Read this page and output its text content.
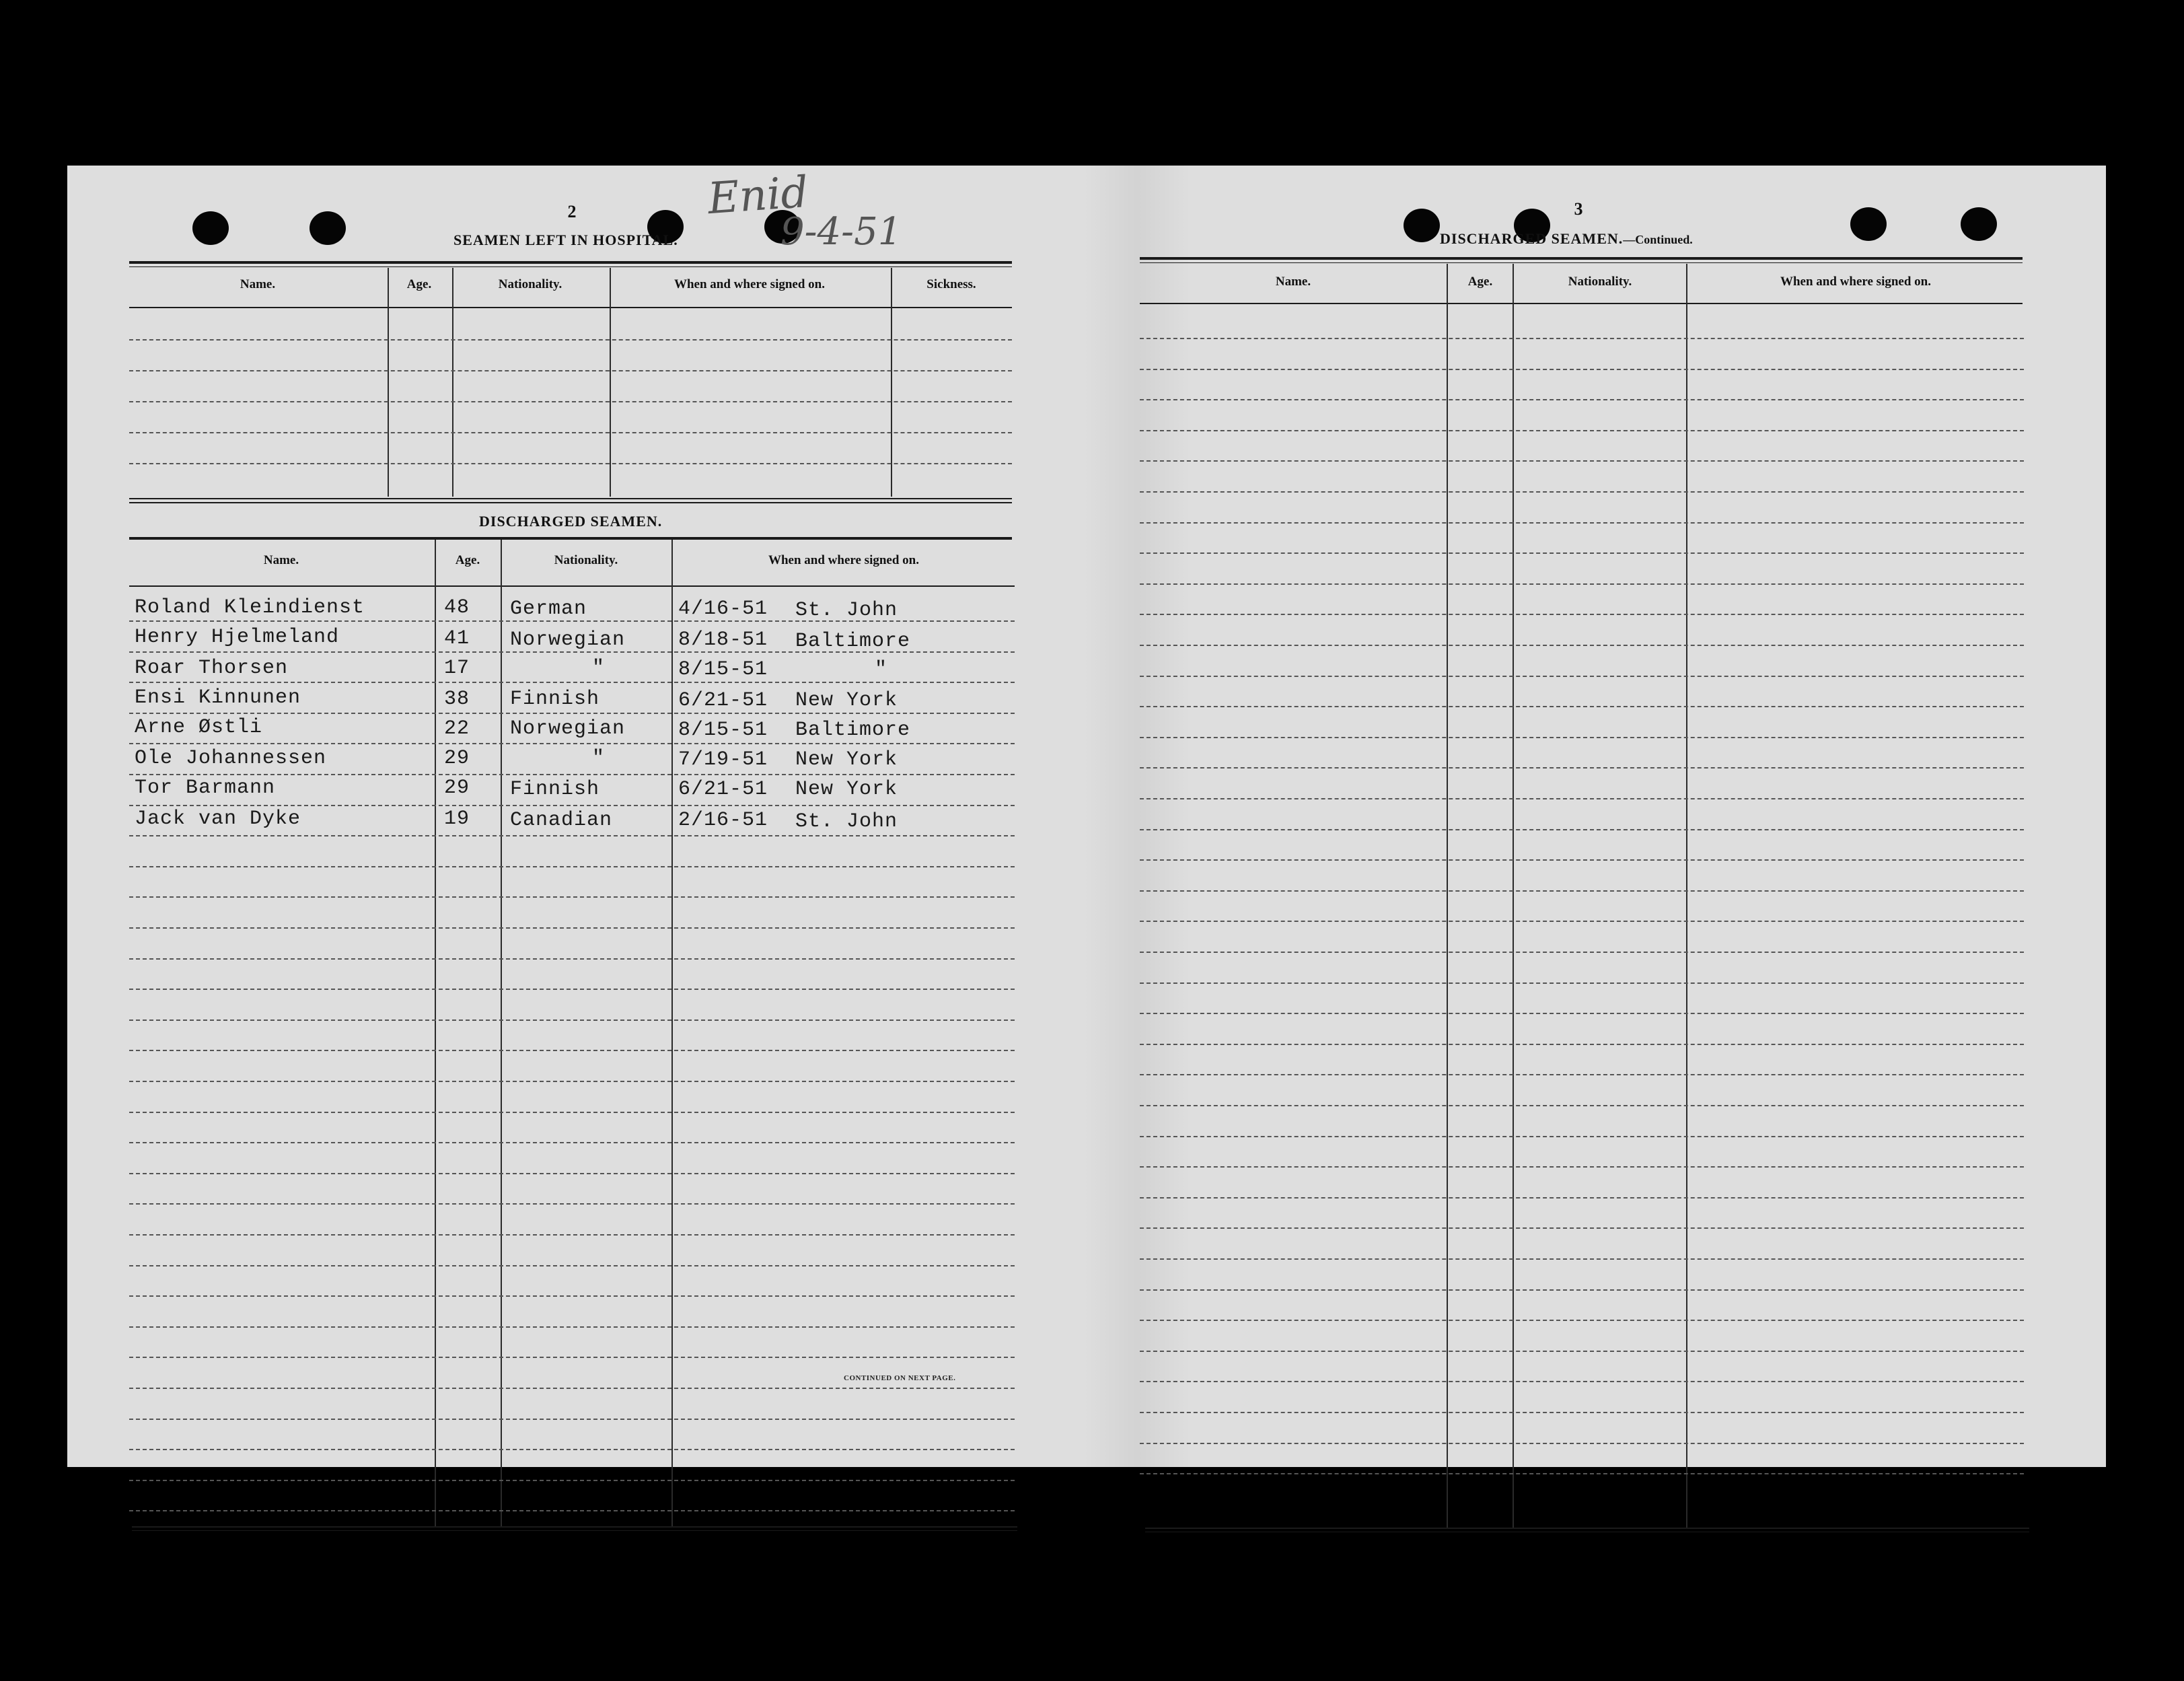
2
SEAMEN LEFT IN HOSPITAL.
Enid
9-4-51
Name.	Age.	Nationality.	When and where signed on.	Sickness.
DISCHARGED SEAMEN.
Name.	Age.	Nationality.	When and where signed on.
Roland Kleindienst	48 German	4/16-51 St. John
Henry Hjelmeland	41 Norwegian	8/18-51 Baltimore
Roar Thorsen	17	"	8/15-51	"
Ensi Kinnunen	38 Finnish	6/21-51 New York
Arne Østli	22 Norwegian	8/15-51 Baltimore
Ole Johannessen	29	"	7/19-51 New York
Tor Barmann	29 Finnish	6/21-51 New York
Jack van Dyke	19 Canadian	2/16-51 St. John
CONTINUED ON NEXT PAGE.
3
DISCHARGED SEAMEN.—Continued.
Name.	Age.	Nationality.	When and where signed on.
